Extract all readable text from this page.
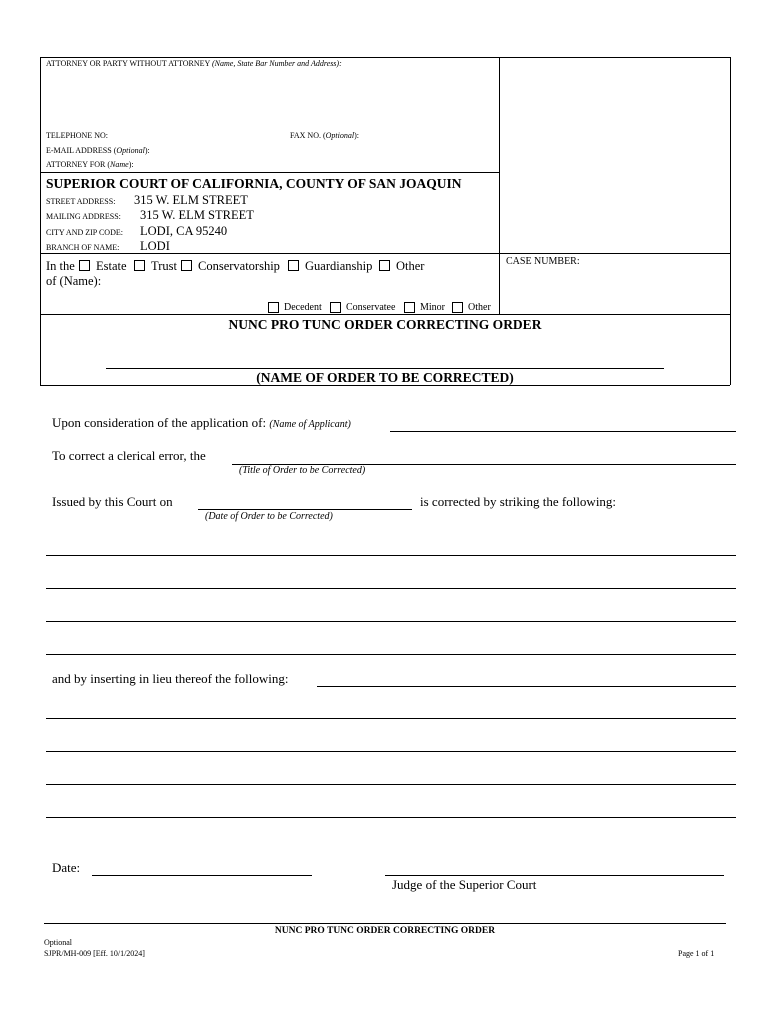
ATTORNEY OR PARTY WITHOUT ATTORNEY (Name, State Bar Number and Address):
TELEPHONE NO:	FAX NO. (Optional):
E-MAIL ADDRESS (Optional):
ATTORNEY FOR (Name):
SUPERIOR COURT OF CALIFORNIA, COUNTY OF SAN JOAQUIN
STREET ADDRESS: 315 W. ELM STREET
MAILING ADDRESS: 315 W. ELM STREET
CITY AND ZIP CODE: LODI, CA 95240
BRANCH OF NAME: LODI
In the Estate Trust Conservatorship Guardianship Other
of (Name):
Decedent Conservatee Minor Other
CASE NUMBER:
NUNC PRO TUNC ORDER CORRECTING ORDER
(NAME OF ORDER TO BE CORRECTED)
Upon consideration of the application of: (Name of Applicant)
To correct a clerical error, the
(Title of Order to be Corrected)
Issued by this Court on	is corrected by striking the following:
(Date of Order to be Corrected)
and by inserting in lieu thereof the following:
Date:
Judge of the Superior Court
NUNC PRO TUNC ORDER CORRECTING ORDER
Optional
SJPR/MH-009 [Eff. 10/1/2024]	Page 1 of 1
